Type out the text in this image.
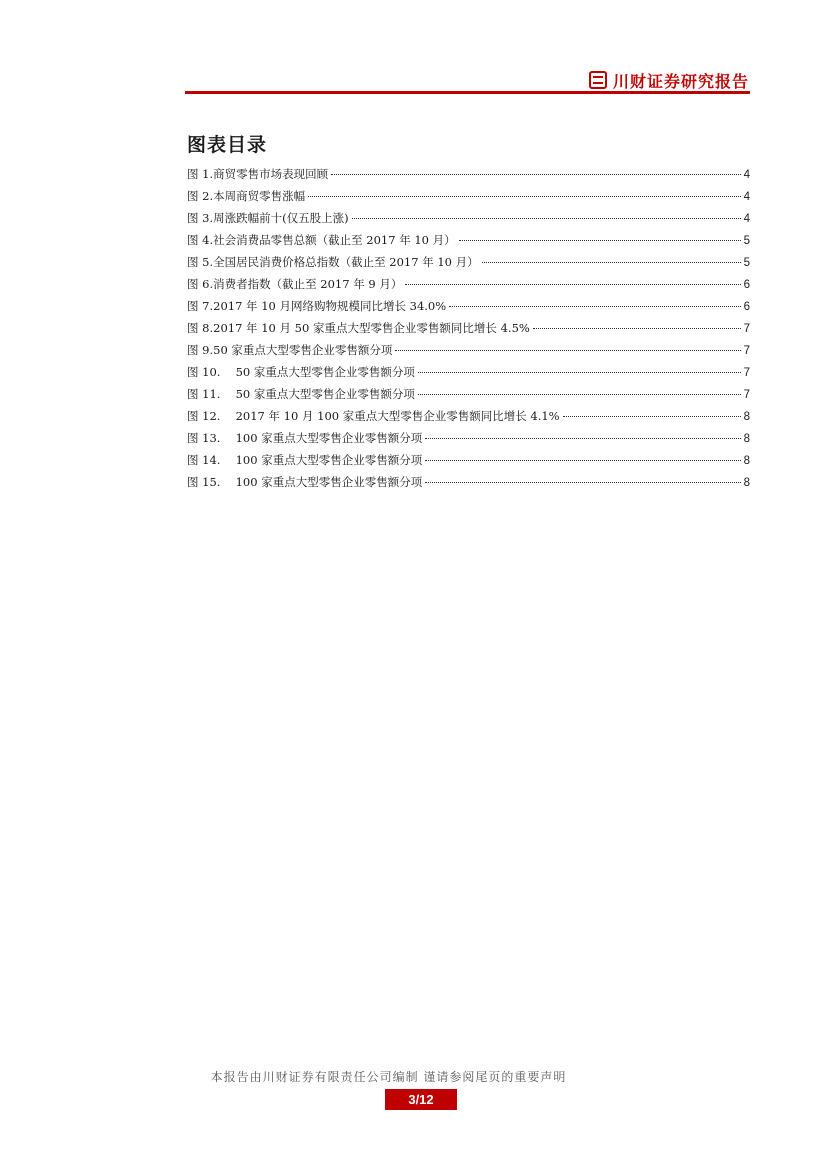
川财证券研究报告
图表目录
图 1.商贸零售市场表现回顾	4
图 2.本周商贸零售涨幅	4
图 3.周涨跌幅前十(仅五股上涨)	4
图 4.社会消费品零售总额（截止至 2017 年 10 月）	5
图 5.全国居民消费价格总指数（截止至 2017 年 10 月）	5
图 6.消费者指数（截止至 2017 年 9 月）	6
图 7.2017 年 10 月网络购物规模同比增长 34.0%	6
图 8.2017 年 10 月 50 家重点大型零售企业零售额同比增长 4.5%	7
图 9.50 家重点大型零售企业零售额分项	7
图 10.　 50 家重点大型零售企业零售额分项	7
图 11.　 50 家重点大型零售企业零售额分项	7
图 12.　 2017 年 10 月 100 家重点大型零售企业零售额同比增长 4.1%	8
图 13.　 100 家重点大型零售企业零售额分项	8
图 14.　 100 家重点大型零售企业零售额分项	8
图 15.　 100 家重点大型零售企业零售额分项	8
本报告由川财证券有限责任公司编制 谨请参阅尾页的重要声明
3/12
